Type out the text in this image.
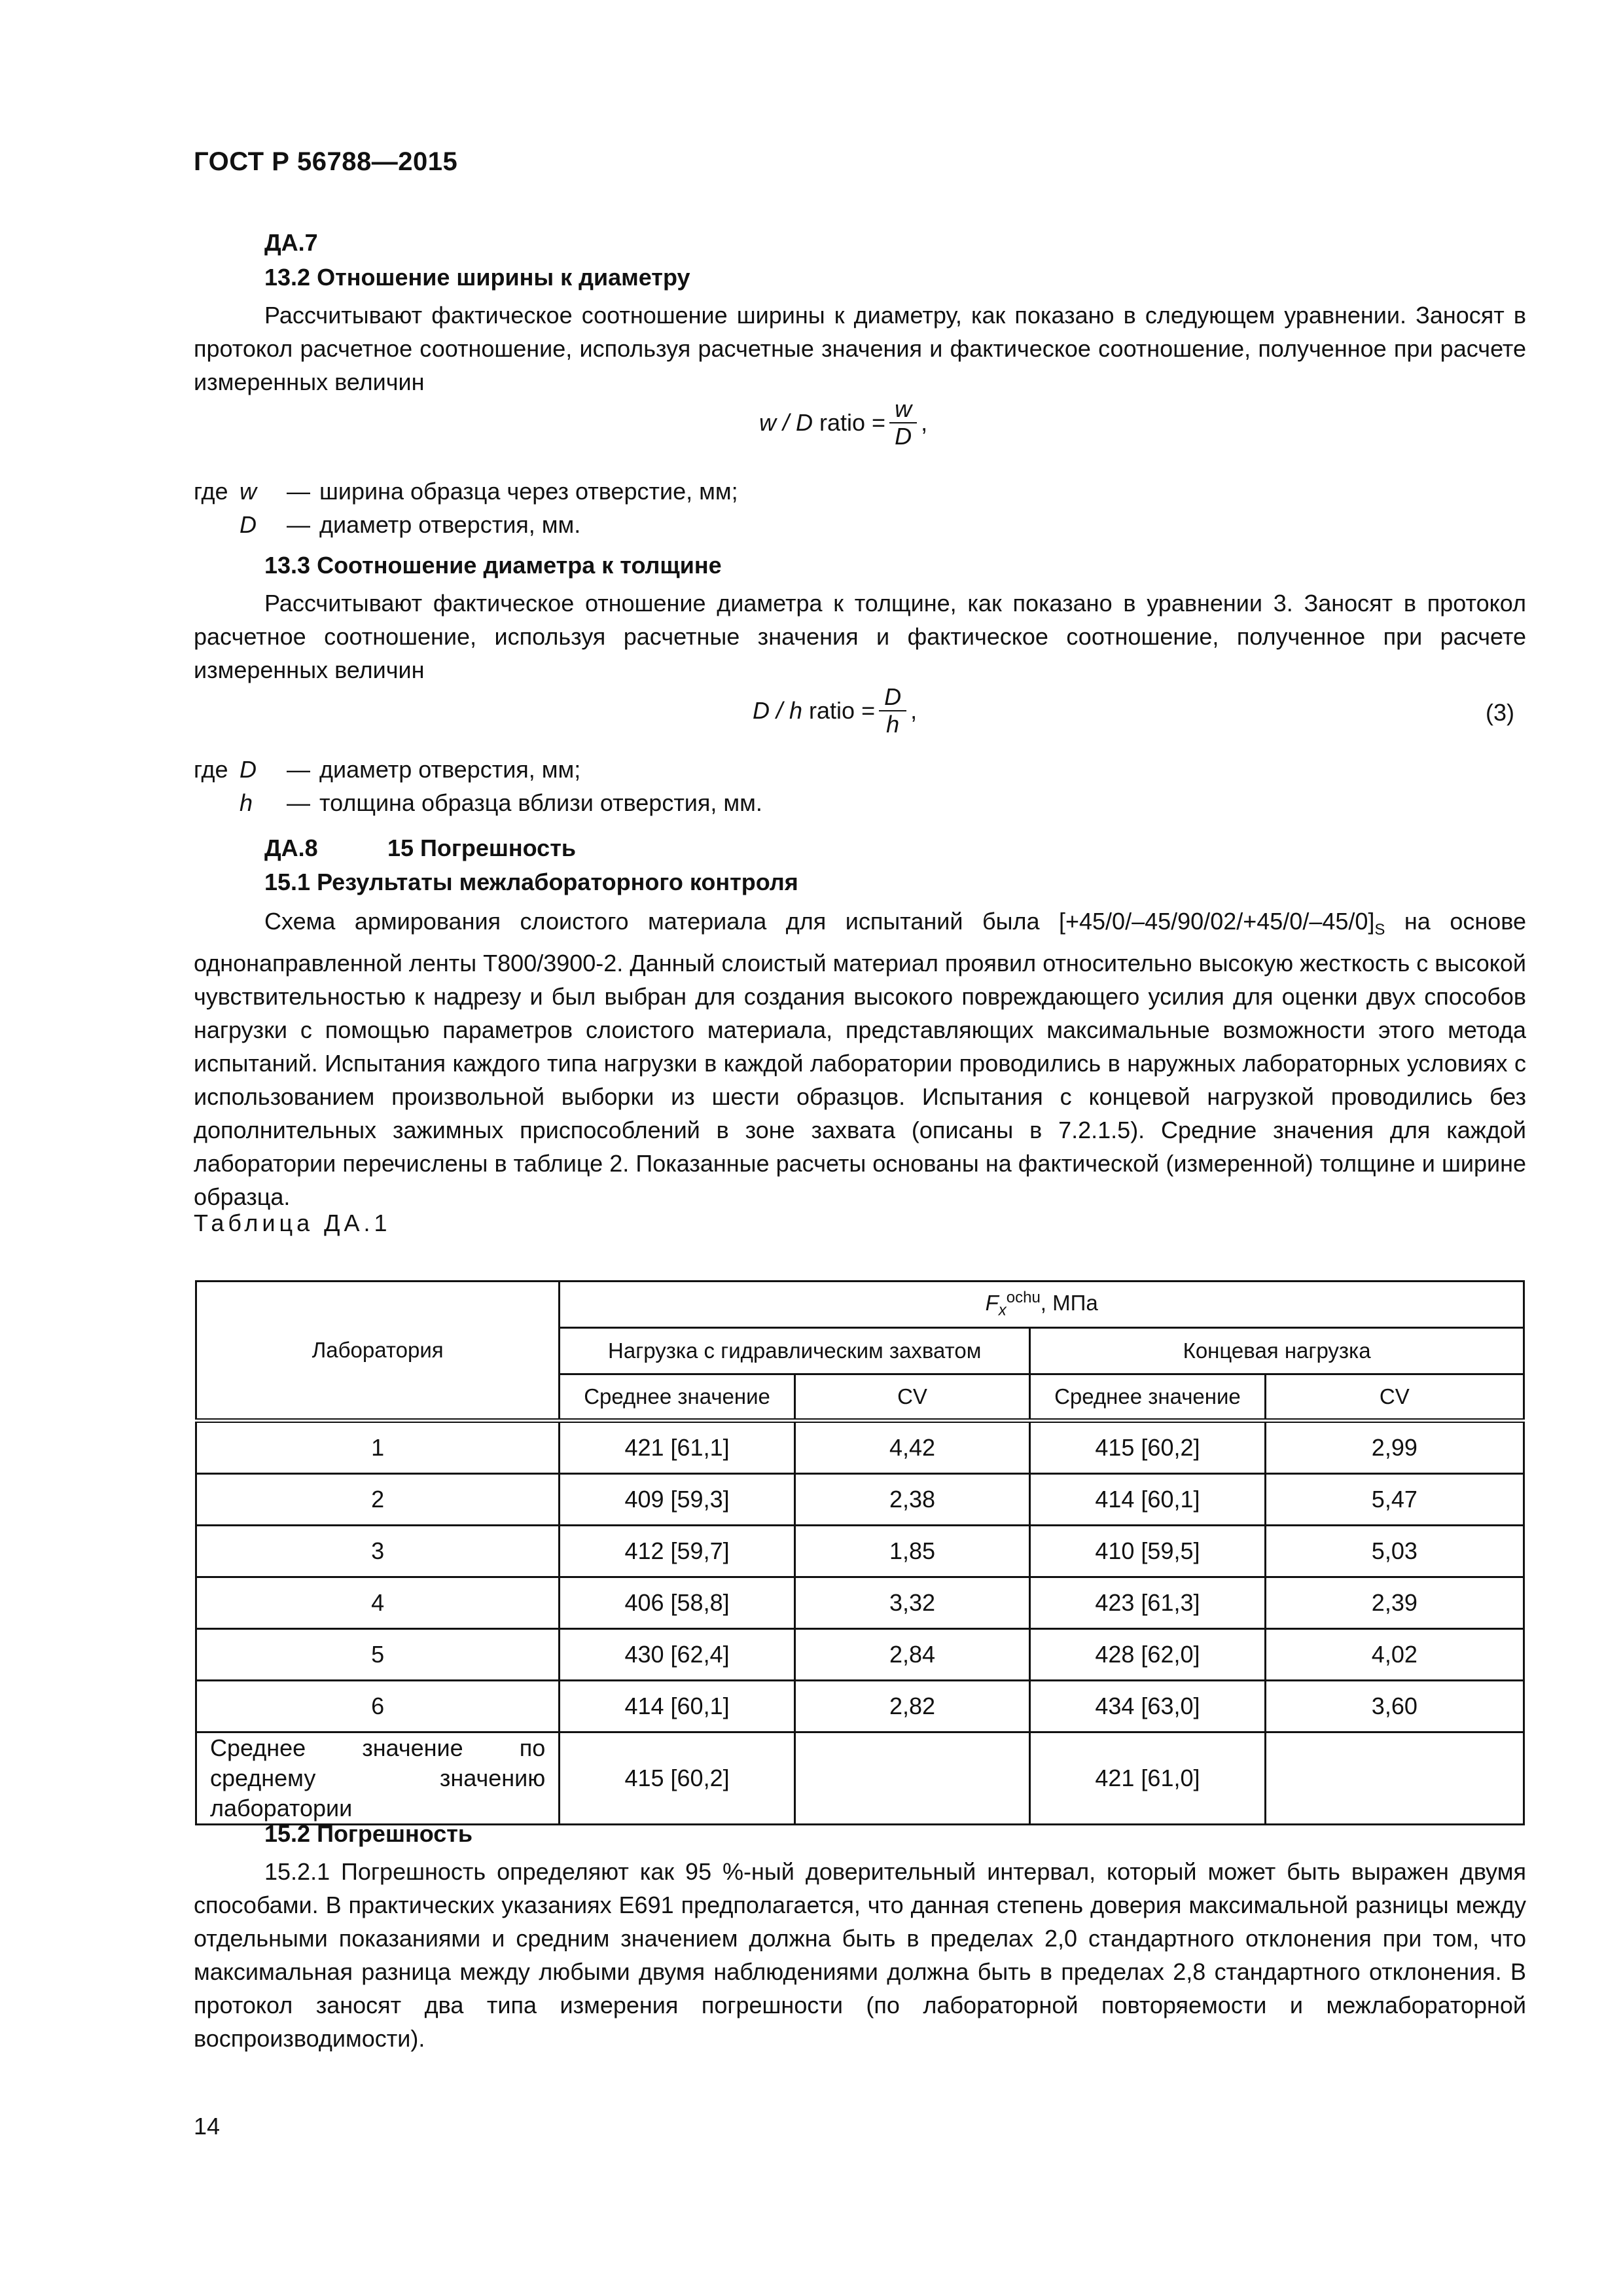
ГОСТ Р 56788—2015
ДА.7
13.2 Отношение ширины к диаметру

Рассчитывают фактическое соотношение ширины к диаметру, как показано в следующем уравнении. Заносят в протокол расчетное соотношение, используя расчетные значения и фактическое соотношение, полученное при расчете измеренных величин

w / D ratio = $\frac{w}{D}$ ,
где w	— ширина образца через отверстие, мм;
D	— диаметр отверстия, мм.
13.3 Соотношение диаметра к толщине

Рассчитывают фактическое отношение диаметра к толщине, как показано в уравнении 3. Заносят в протокол расчетное соотношение, используя расчетные значения и фактическое соотношение, полученное при расчете измеренных величин

D / h ratio = $\frac{D}{h}$ ,	(3)
где D	— диаметр отверстия, мм;
h	— толщина образца вблизи отверстия, мм.
ДА.8	15 Погрешность
15.1 Результаты межлабораторного контроля

Схема армирования слоистого материала для испытаний была $[+45/0/-45/90/02/+45/0/-45/0]_S$ на основе однонаправленной ленты Т800/3900-2. Данный слоистый материал проявил относительно высокую жесткость с высокой чувствительностью к надрезу и был выбран для создания высокого повреждающего усилия для оценки двух способов нагрузки с помощью параметров слоистого материала, представляющих максимальные возможности этого метода испытаний. Испытания каждого типа нагрузки в каждой лаборатории проводились в наружных лабораторных условиях с использованием произвольной выборки из шести образцов. Испытания с концевой нагрузкой проводились без дополнительных зажимных приспособлений в зоне захвата (описаны в 7.2.1.5). Средние значения для каждой лаборатории перечислены в таблице 2. Показанные расчеты основаны на фактической (измеренной) толщине и ширине образца.

Таблица ДА.1
Лаборатория	$F_x^{ochu}$, МПа			
	Нагрузка с гидравлическим захватом		Концевая нагрузка	
	Среднее значение	CV	Среднее значение	CV
1	421 [61,1]	4,42	415 [60,2]	2,99
2	409 [59,3]	2,38	414 [60,1]	5,47
3	412 [59,7]	1,85	410 [59,5]	5,03
4	406 [58,8]	3,32	423 [61,3]	2,39
5	430 [62,4]	2,84	428 [62,0]	4,02
6	414 [60,1]	2,82	434 [63,0]	3,60
Среднее значение по среднему значению лаборатории	415 [60,2]		421 [61,0]	
15.2 Погрешность

15.2.1 Погрешность определяют как 95 %-ный доверительный интервал, который может быть выражен двумя способами. В практических указаниях Е691 предполагается, что данная степень доверия максимальной разницы между отдельными показаниями и средним значением должна быть в пределах 2,0 стандартного отклонения при том, что максимальная разница между любыми двумя наблюдениями должна быть в пределах 2,8 стандартного отклонения. В протокол заносят два типа измерения погрешности (по лабораторной повторяемости и межлабораторной воспроизводимости).

14
